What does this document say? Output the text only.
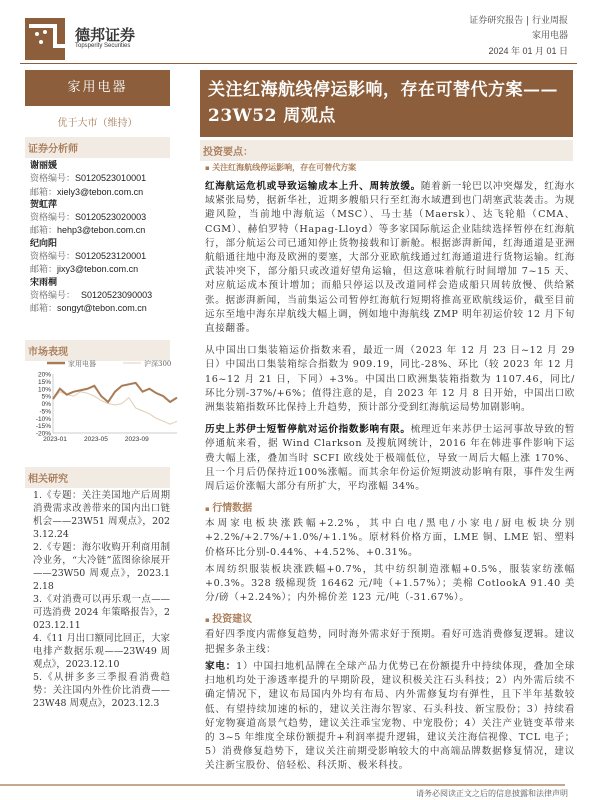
德邦证券
Topsperity Securities
证券研究报告 | 行业周报
家用电器
2024 年 01 月 01 日
家用电器
优于大市（维持）
证券分析师
谢丽媛
资格编号：S0120523010001
邮箱：xiely3@tebon.com.cn
贺虹萍
资格编号：S0120523020003
邮箱：hehp3@tebon.com.cn
纪向阳
资格编号：S0120523120001
邮箱：jixy3@tebon.com.cn
宋雨桐
资格编号： S0120523090003
邮箱：songyt@tebon.com.cn
市场表现
家用电器	沪深300
20%
15%
10%
5%
0%
-5%
-10%
-15%
-20%
2023-01	2023-05	2023-09
相关研究
1.《专题：关注美国地产后周期消费需求改善带来的国内出口链机会——23W51 周观点》，2023.12.24
2.《专题：海尔收购开利商用制冷业务，“大冷链”蓝图徐徐展开——23W50 周观点》，2023.12.18
3.《对消费可以再乐观一点——可选消费 2024 年策略报告》，2023.12.11
4.《11 月出口额同比回正，大家电排产数据乐观——23W49 周观点》，2023.12.10
5.《从拼多多三季报看消费趋势：关注国内外性价比消费——23W48 周观点》，2023.12.3
关注红海航线停运影响，存在可替代方案——23W52 周观点
投资要点：
▪ 关注红海航线停运影响，存在可替代方案

红海航运危机或导致运输成本上升、周转放缓。随着新一轮巴以冲突爆发，红海水域紧张局势，据新华社，近期多艘船只行至红海水域遭到也门胡塞武装袭击。为规避风险，当前地中海航运（MSC）、马士基（Maersk）、达飞轮船（CMA、CGM）、赫伯罗特（Hapag-Lloyd）等多家国际航运企业陆续选择暂停在红海航行，部分航运公司已通知停止货物接载和订新舱。根据澎湃新闻，红海通道是亚洲航船通往地中海及欧洲的要塞，大部分亚欧航线通过红海通道进行货物运输。红海武装冲突下，部分船只或改道好望角运输，但这意味着航行时间增加 7~15 天、对应航运成本预计增加；而船只停运以及改道同样会造成船只周转放慢、供给紧张。据澎湃新闻，当前集运公司暂停红海航行短期将推高亚欧航线运价，截至目前远东至地中海东岸航线大幅上调，例如地中海航线 ZMP 明年初运价较 12 月下旬直接翻番。

从中国出口集装箱运价指数来看，最近一周（2023 年 12 月 23 日~12 月 29 日）中国出口集装箱综合指数为 909.19，同比-28%、环比（较 2023 年 12 月 16~12 月 21 日，下同）+3%。中国出口欧洲集装箱指数为 1107.46，同比/环比分别-37%/+6%；值得注意的是，自 2023 年 12 月 8 日开始，中国出口欧洲集装箱指数环比保持上升趋势，预计部分受到红海航运局势加剧影响。

历史上苏伊士短暂停航对运价指数影响有限。梳理近年来苏伊士运河事故导致的暂停通航来看，据 Wind Clarkson 及搜航网统计，2016 年在韩进事件影响下运费大幅上涨，叠加当时 SCFI 欧线处于极端低位，导致一周后大幅上涨 170%、且一个月后仍保持近100%涨幅。而其余年份运价短期波动影响有限，事件发生两周后运价涨幅大部分有所扩大，平均涨幅 34%。

▪ 行情数据

本周家电板块涨跌幅+2.2%，其中白电/黑电/小家电/厨电板块分别+2.2%/+2.7%/+1.0%/+1.1%。原材料价格方面，LME 铜、LME 铝、塑料价格环比分别-0.44%、+4.52%、+0.31%。

本周纺织服装板块涨跌幅+0.7%，其中纺织制造涨幅+0.5%，服装家纺涨幅+0.3%。328 级棉现货 16462 元/吨（+1.57%）；美棉 CotlookA 91.40 美分/磅（+2.24%）；内外棉价差 123 元/吨（-31.67%）。

▪ 投资建议

看好四季度内需修复趋势，同时海外需求好于预期。看好可选消费修复逻辑。建议把握多条主线：

家电：1）中国扫地机品牌在全球产品力优势已在份额提升中持续体现，叠加全球扫地机均处于渗透率提升的早期阶段，建议积极关注石头科技；2）内外需后续不确定情况下，建议布局国内外均有布局、内外需修复均有弹性，且下半年基数较低、有望持续加速的标的，建议关注海尔智家、石头科技、新宝股份；3）持续看好宠物赛道高景气趋势，建议关注乖宝宠物、中宠股份；4）关注产业链变革带来的 3~5 年维度全球份额提升+利润率提升逻辑，建议关注海信视像、TCL 电子；5）消费修复趋势下，建议关注前期受影响较大的中高端品牌数据修复情况，建议关注新宝股份、倍轻松、科沃斯、极米科技。

请务必阅读正文之后的信息披露和法律声明
